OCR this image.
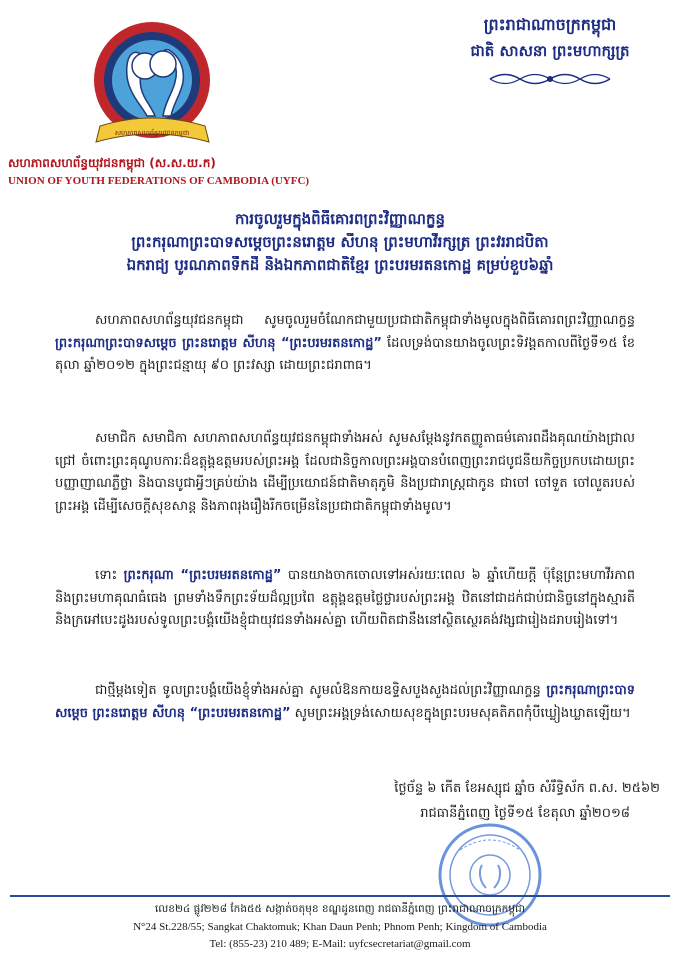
សហភាពសហព័ន្ធយុវជនកម្ពុជា
សហភាពសហព័ន្ធយុវជនកម្ពុជា (ស.ស.យ.ក)
UNION OF YOUTH FEDERATIONS OF CAMBODIA (UYFC)
ព្រះរាជាណាចក្រកម្ពុជា
ជាតិ សាសនា ព្រះមហាក្សត្រ
ការចូលរួមក្នុងពិធីគោរពព្រះវិញ្ញាណក្ខន្ធ
ព្រះករុណាព្រះបាទសម្តេចព្រះនរោត្តម សីហនុ ព្រះមហាវីរក្សត្រ ព្រះវររាជបិតា
ឯករាជ្យ បូរណភាពទឹកដី និងឯកភាពជាតិខ្មែរ ព្រះបរមរតនកោដ្ឋ គម្រប់ខួប៦ឆ្នាំ
សហភាពសហព័ន្ធយុវជនកម្ពុជា សូមចូលរួមចំណែកជាមួយប្រជាជាតិកម្ពុជាទាំងមូលក្នុងពិធីគោរពព្រះវិញ្ញាណក្ខន្ធ ព្រះករុណាព្រះបាទសម្តេច ព្រះនរោត្តម សីហនុ “ព្រះបរមរតនកោដ្ឋ” ដែលទ្រង់បានយាងចូលព្រះទិវង្គតកាលពីថ្ងៃទី១៥ ខែតុលា ឆ្នាំ២០១២ ក្នុងព្រះជន្មាយុ ៩០ ព្រះវស្សា ដោយព្រះជរាពាធ។
សមាជិក សមាជិកា សហភាពសហព័ន្ធយុវជនកម្ពុជាទាំងអស់ សូមសម្តែងនូវកតញ្ញូតាធម៌គោរពដឹងគុណយ៉ាងជ្រាលជ្រៅ ចំពោះព្រះគុណូបការៈដ៏ឧត្តុង្គឧត្តមរបស់ព្រះអង្គ ដែលជានិច្ចកាលព្រះអង្គបានបំពេញព្រះរាជបូជនីយកិច្ចប្រកបដោយព្រះបញ្ញាញាណភ្លឺថ្លា និងបានបូជាអ្វីៗគ្រប់យ៉ាង ដើម្បីប្រយោជន៍ជាតិមាតុភូមិ និងប្រជារាស្ត្រជាកូន ជាចៅ ចៅទួត ចៅលួតរបស់ព្រះអង្គ ដើម្បីសេចក្តីសុខសាន្ត និងភាពរុងរឿងរីកចម្រើននៃប្រជាជាតិកម្ពុជាទាំងមូល។
ទោះ ព្រះករុណា “ព្រះបរមរតនកោដ្ឋ” បានយាងចាកចោលទៅអស់រយៈពេល ៦ ឆ្នាំហើយក្តី ប៉ុន្តែព្រះមហាវីរភាព និងព្រះមហាគុណធំធេង ព្រមទាំងទឹកព្រះទ័យដ៏ល្អប្រពៃ ឧត្តុង្គឧត្តមថ្លៃថ្លារបស់ព្រះអង្គ ឋិតនៅជាដក់ជាប់ជានិច្ចនៅក្នុងស្មារតី និងក្រអៅបេះដូងរបស់ទូលព្រះបង្គំយើងខ្ញុំជាយុវជនទាំងអស់គ្នា ហើយពិតជានឹងនៅស្ថិតស្ថេរគង់វង្សជារៀងដរាបរៀងទៅ។
ជាថ្មីម្តងទៀត ទូលព្រះបង្គំយើងខ្ញុំទាំងអស់គ្នា សូមលំឱនកាយឧទ្ទិសបួងសួងដល់ព្រះវិញ្ញាណក្ខន្ធ ព្រះករុណាព្រះបាទសម្តេច ព្រះនរោត្តម សីហនុ “ព្រះបរមរតនកោដ្ឋ” សូមព្រះអង្គទ្រង់សោយសុខក្នុងព្រះបរមសុគតិភពកុំបីឃ្លៀងឃ្លាតឡើយ។
ថ្ងៃច័ន្ទ ៦ កើត ខែអស្សុជ ឆ្នាំច សំរឹទ្ធិស័ក ព.ស. ២៥៦២
រាជធានីភ្នំពេញ ថ្ងៃទី១៥ ខែតុលា ឆ្នាំ២០១៨
លេខ២៤ ផ្លូវ២២៨ កែង៥៥ សង្កាត់ចតុមុខ ខណ្ឌដូនពេញ រាជធានីភ្នំពេញ ព្រះរាជាណាចក្រកម្ពុជា
N°24 St.228/55; Sangkat Chaktomuk; Khan Daun Penh; Phnom Penh; Kingdom of Cambodia
Tel: (855-23) 210 489; E-Mail: uyfcsecretariat@gmail.com
